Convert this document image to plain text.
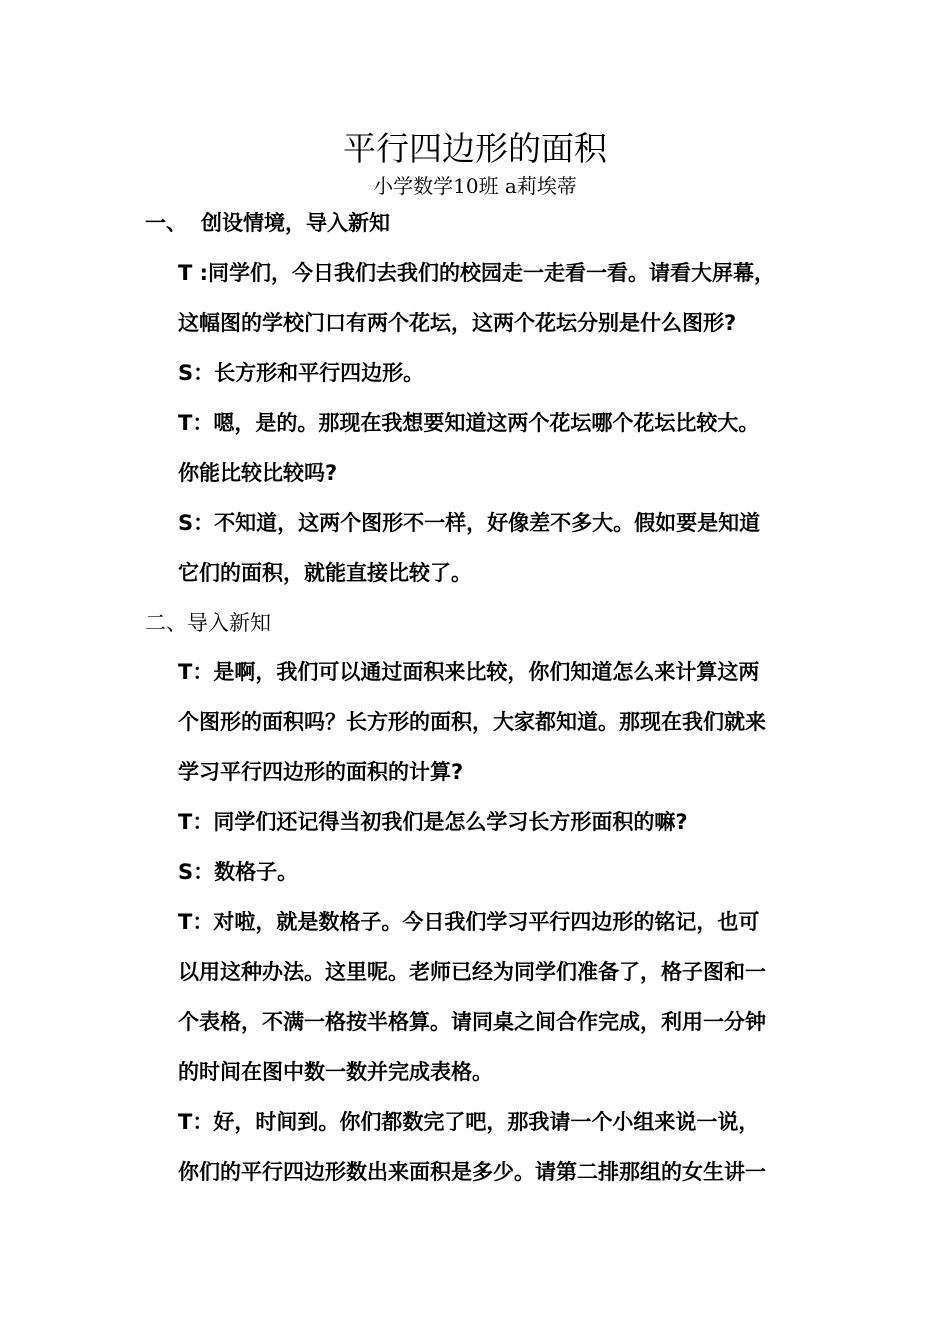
平行四边形的面积
小学数学10班 a莉埃蒂
一、 创设情境，导入新知
T :同学们，今日我们去我们的校园走一走看一看。请看大屏幕，
这幅图的学校门口有两个花坛，这两个花坛分别是什么图形?
S：长方形和平行四边形。
T：嗯，是的。那现在我想要知道这两个花坛哪个花坛比较大。
你能比较比较吗?
S：不知道，这两个图形不一样，好像差不多大。假如要是知道
它们的面积，就能直接比较了。
二、导入新知
T：是啊，我们可以通过面积来比较，你们知道怎么来计算这两
个图形的面积吗？长方形的面积，大家都知道。那现在我们就来
学习平行四边形的面积的计算?
T：同学们还记得当初我们是怎么学习长方形面积的嘛?
S：数格子。
T：对啦，就是数格子。今日我们学习平行四边形的铭记，也可
以用这种办法。这里呢。老师已经为同学们准备了，格子图和一
个表格，不满一格按半格算。请同桌之间合作完成，利用一分钟
的时间在图中数一数并完成表格。
T：好，时间到。你们都数完了吧，那我请一个小组来说一说，
你们的平行四边形数出来面积是多少。请第二排那组的女生讲一
